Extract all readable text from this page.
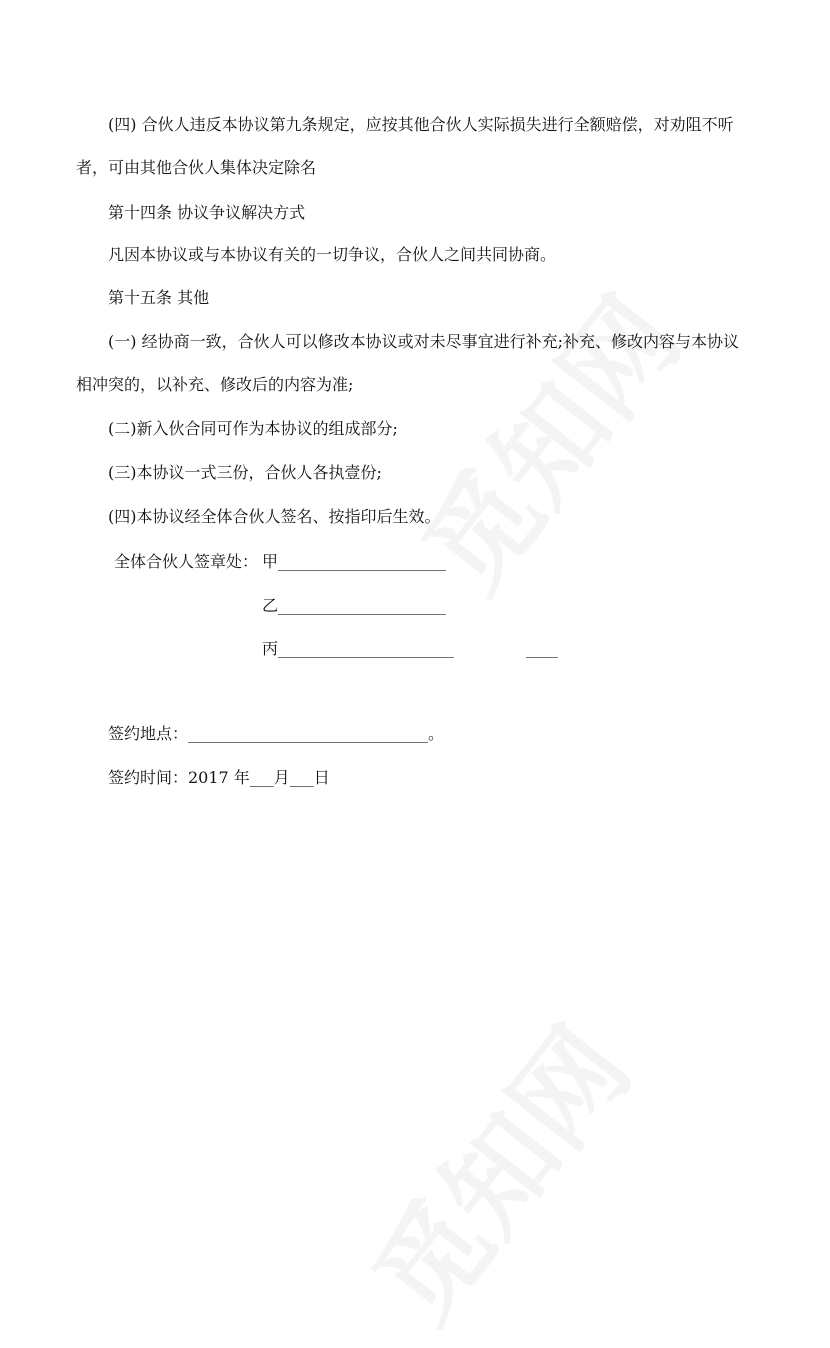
(四) 合伙人违反本协议第九条规定，应按其他合伙人实际损失进行全额赔偿，对劝阻不听
者，可由其他合伙人集体决定除名
第十四条 协议争议解决方式
凡因本协议或与本协议有关的一切争议，合伙人之间共同协商。
第十五条 其他
(一) 经协商一致，合伙人可以修改本协议或对未尽事宜进行补充;补充、修改内容与本协议
相冲突的，以补充、修改后的内容为准;
(二)新入伙合同可作为本协议的组成部分;
(三)本协议一式三份，合伙人各执壹份;
(四)本协议经全体合伙人签名、按指印后生效。
全体合伙人签章处： 甲_____________________
乙_____________________
丙______________________	____
签约地点：______________________________。
签约时间：2017 年___月___日
